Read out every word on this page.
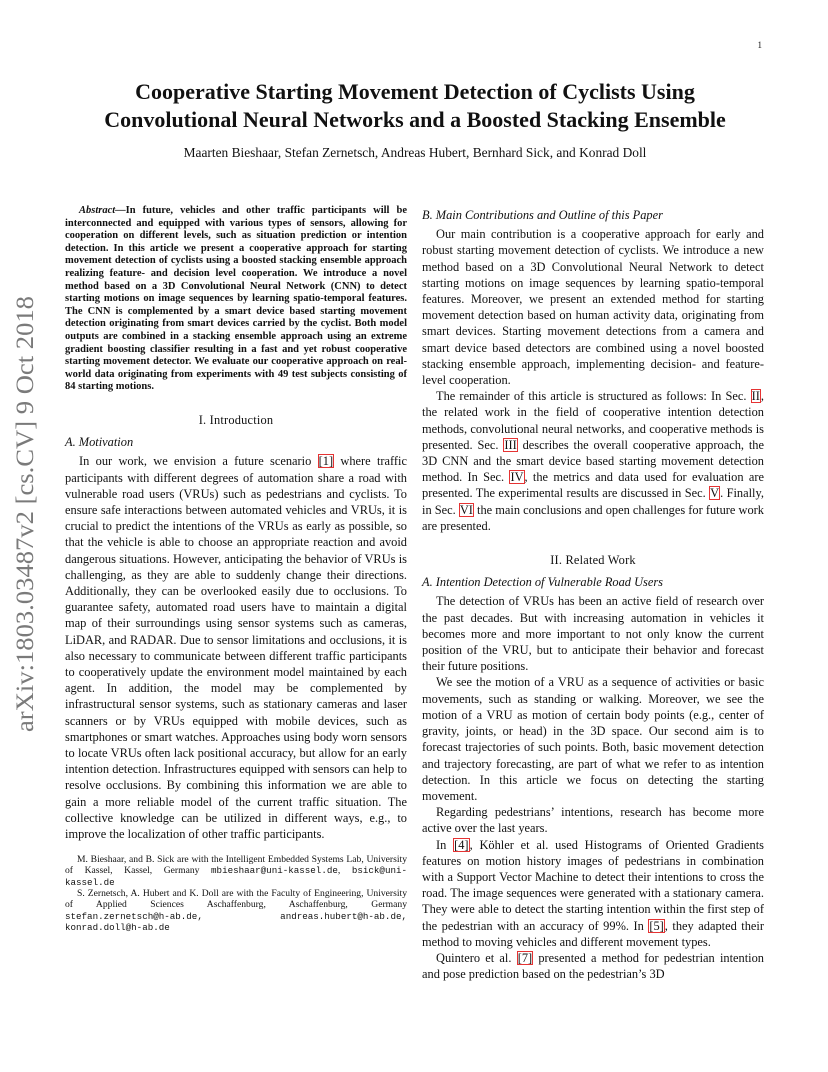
1
arXiv:1803.03487v2 [cs.CV] 9 Oct 2018
Cooperative Starting Movement Detection of Cyclists Using
Convolutional Neural Networks and a Boosted Stacking Ensemble
Maarten Bieshaar, Stefan Zernetsch, Andreas Hubert, Bernhard Sick, and Konrad Doll

Abstract—In future, vehicles and other traffic participants will be interconnected and equipped with various types of sensors, allowing for cooperation on different levels, such as situation prediction or intention detection. In this article we present a cooperative approach for starting movement detection of cyclists using a boosted stacking ensemble approach realizing feature- and decision level cooperation. We introduce a novel method based on a 3D Convolutional Neural Network (CNN) to detect starting motions on image sequences by learning spatio-temporal features. The CNN is complemented by a smart device based starting movement detection originating from smart devices carried by the cyclist. Both model outputs are combined in a stacking ensemble approach using an extreme gradient boosting classifier resulting in a fast and yet robust cooperative starting movement detector. We evaluate our cooperative approach on real-world data originating from experiments with 49 test subjects consisting of 84 starting motions.

I. Introduction
A. Motivation

In our work, we envision a future scenario [1] where traffic participants with different degrees of automation share a road with vulnerable road users (VRUs) such as pedestrians and cyclists. To ensure safe interactions between automated vehicles and VRUs, it is crucial to predict the intentions of the VRUs as early as possible, so that the vehicle is able to choose an appropriate reaction and avoid dangerous situations. However, anticipating the behavior of VRUs is challenging, as they are able to suddenly change their directions. Additionally, they can be overlooked easily due to occlusions. To guarantee safety, automated road users have to maintain a digital map of their surroundings using sensor systems such as cameras, LiDAR, and RADAR. Due to sensor limitations and occlusions, it is also necessary to communicate between different traffic participants to cooperatively update the environment model maintained by each agent. In addition, the model may be complemented by infrastructural sensor systems, such as stationary cameras and laser scanners or by VRUs equipped with mobile devices, such as smartphones or smart watches. Approaches using body worn sensors to locate VRUs often lack positional accuracy, but allow for an early intention detection. Infrastructures equipped with sensors can help to resolve occlusions. By combining this information we are able to gain a more reliable model of the current traffic situation. The collective knowledge can be utilized in different ways, e.g., to improve the localization of other traffic participants.

M. Bieshaar, and B. Sick are with the Intelligent Embedded Systems Lab, University of Kassel, Kassel, Germany mbieshaar@uni-kassel.de, bsick@uni-kassel.de

S. Zernetsch, A. Hubert and K. Doll are with the Faculty of Engineering, University of Applied Sciences Aschaffenburg, Aschaffenburg, Germany stefan.zernetsch@h-ab.de, andreas.hubert@h-ab.de, konrad.doll@h-ab.de

B. Main Contributions and Outline of this Paper

Our main contribution is a cooperative approach for early and robust starting movement detection of cyclists. We introduce a new method based on a 3D Convolutional Neural Network to detect starting motions on image sequences by learning spatio-temporal features. Moreover, we present an extended method for starting movement detection based on human activity data, originating from smart devices. Starting movement detections from a camera and smart device based detectors are combined using a novel boosted stacking ensemble approach, implementing decision- and feature-level cooperation.

The remainder of this article is structured as follows: In Sec. II, the related work in the field of cooperative intention detection methods, convolutional neural networks, and cooperative methods is presented. Sec. III describes the overall cooperative approach, the 3D CNN and the smart device based starting movement detection method. In Sec. IV, the metrics and data used for evaluation are presented. The experimental results are discussed in Sec. V. Finally, in Sec. VI the main conclusions and open challenges for future work are presented.

II. Related Work
A. Intention Detection of Vulnerable Road Users

The detection of VRUs has been an active field of research over the past decades. But with increasing automation in vehicles it becomes more and more important to not only know the current position of the VRU, but to anticipate their behavior and forecast their future positions.

We see the motion of a VRU as a sequence of activities or basic movements, such as standing or walking. Moreover, we see the motion of a VRU as motion of certain body points (e.g., center of gravity, joints, or head) in the 3D space. Our second aim is to forecast trajectories of such points. Both, basic movement detection and trajectory forecasting, are part of what we refer to as intention detection. In this article we focus on detecting the starting movement.

Regarding pedestrians’ intentions, research has become more active over the last years.

In [4], Köhler et al. used Histograms of Oriented Gradients features on motion history images of pedestrians in combination with a Support Vector Machine to detect their intentions to cross the road. The image sequences were generated with a stationary camera. They were able to detect the starting intention within the first step of the pedestrian with an accuracy of 99%. In [5], they adapted their method to moving vehicles and different movement types.

Quintero et al. [7] presented a method for pedestrian intention and pose prediction based on the pedestrian’s 3D
